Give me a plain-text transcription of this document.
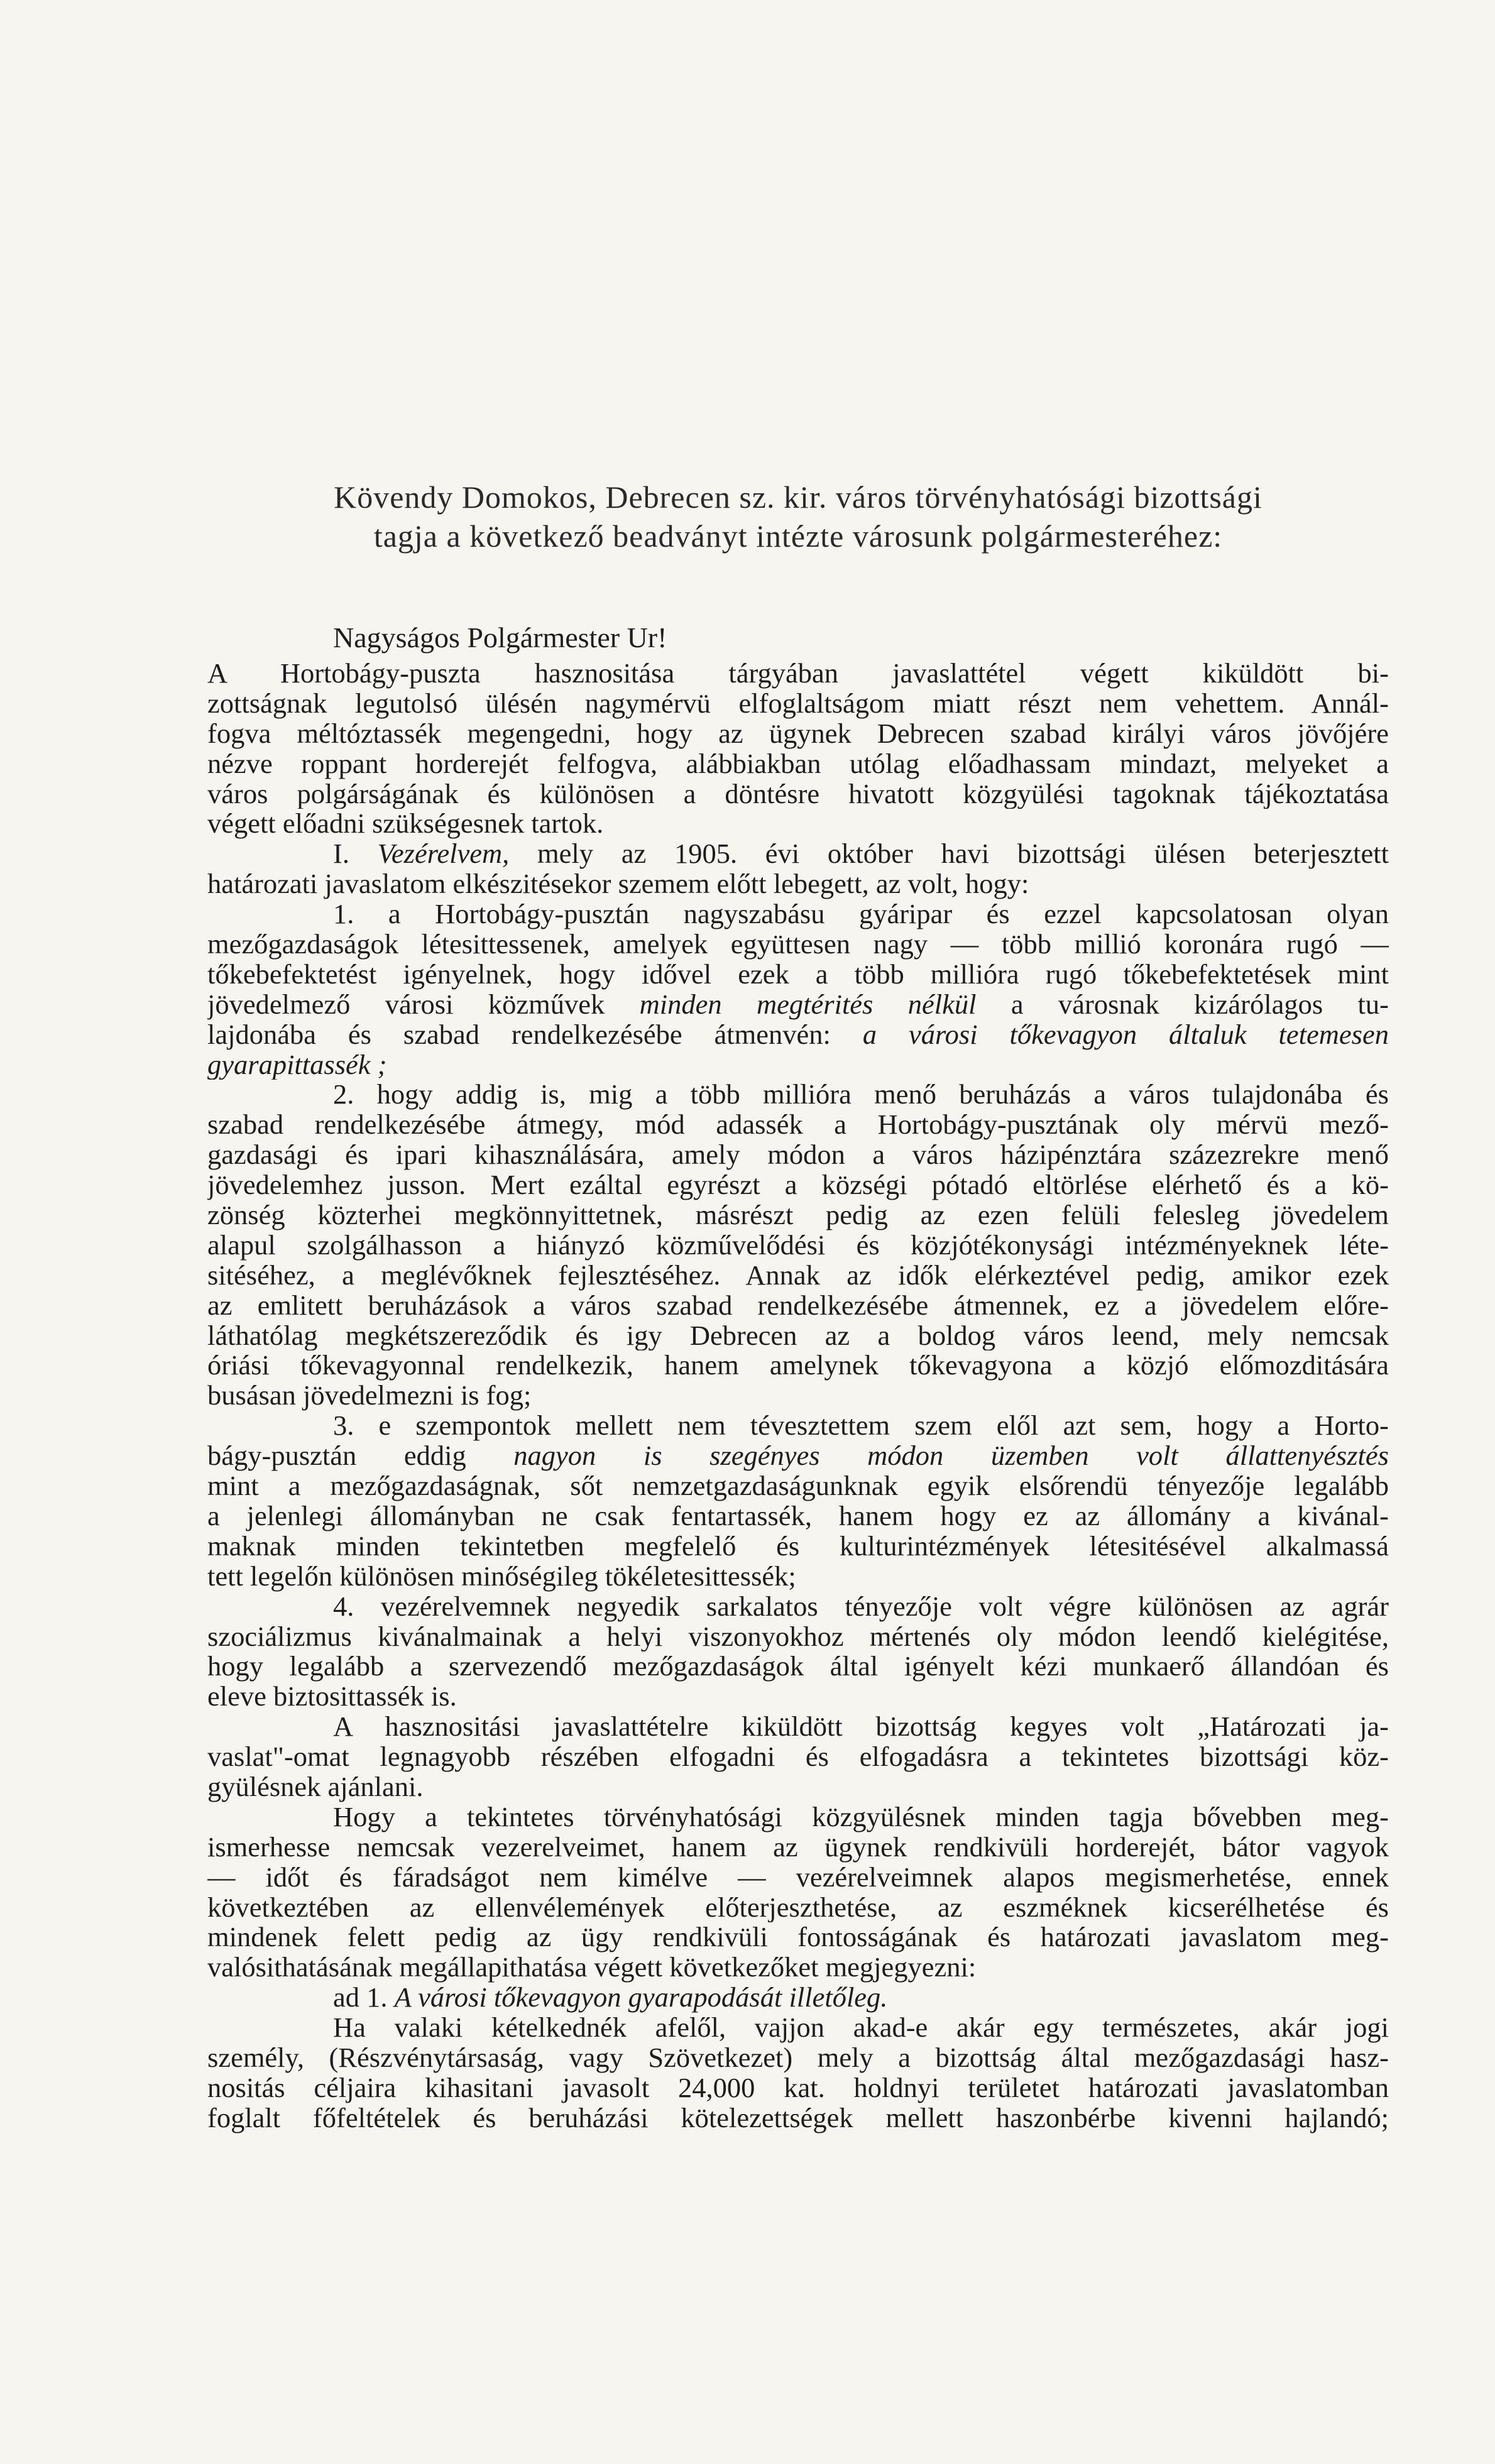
Kövendy Domokos, Debrecen sz. kir. város törvényhatósági bizottsági
tagja a következő beadványt intézte városunk polgármesteréhez:
Nagyságos Polgármester Ur!
A Hortobágy-puszta hasznositása tárgyában javaslattétel végett kiküldött bi-
zottságnak legutolsó ülésén nagymérvü elfoglaltságom miatt részt nem vehettem. Annál-
fogva méltóztassék megengedni, hogy az ügynek Debrecen szabad királyi város jövőjére
nézve roppant horderejét felfogva, alábbiakban utólag előadhassam mindazt, melyeket a
város polgárságának és különösen a döntésre hivatott közgyülési tagoknak tájékoztatása
végett előadni szükségesnek tartok.
I. Vezérelvem, mely az 1905. évi október havi bizottsági ülésen beterjesztett
határozati javaslatom elkészitésekor szemem előtt lebegett, az volt, hogy:
1. a Hortobágy-pusztán nagyszabásu gyáripar és ezzel kapcsolatosan olyan
mezőgazdaságok létesittessenek, amelyek együttesen nagy — több millió koronára rugó —
tőkebefektetést igényelnek, hogy idővel ezek a több millióra rugó tőkebefektetések mint
jövedelmező városi közművek minden megtérités nélkül a városnak kizárólagos tu-
lajdonába és szabad rendelkezésébe átmenvén: a városi tőkevagyon általuk tetemesen
gyarapittassék ;
2. hogy addig is, mig a több millióra menő beruházás a város tulajdonába és
szabad rendelkezésébe átmegy, mód adassék a Hortobágy-pusztának oly mérvü mező-
gazdasági és ipari kihasználására, amely módon a város házipénztára százezrekre menő
jövedelemhez jusson. Mert ezáltal egyrészt a községi pótadó eltörlése elérhető és a kö-
zönség közterhei megkönnyittetnek, másrészt pedig az ezen felüli felesleg jövedelem
alapul szolgálhasson a hiányzó közművelődési és közjótékonysági intézményeknek léte-
sitéséhez, a meglévőknek fejlesztéséhez. Annak az idők elérkeztével pedig, amikor ezek
az emlitett beruházások a város szabad rendelkezésébe átmennek, ez a jövedelem előre-
láthatólag megkétszereződik és igy Debrecen az a boldog város leend, mely nemcsak
óriási tőkevagyonnal rendelkezik, hanem amelynek tőkevagyona a közjó előmozditására
busásan jövedelmezni is fog;
3. e szempontok mellett nem tévesztettem szem elől azt sem, hogy a Horto-
bágy-pusztán eddig nagyon is szegényes módon üzemben volt állattenyésztés
mint a mezőgazdaságnak, sőt nemzetgazdaságunknak egyik elsőrendü tényezője legalább
a jelenlegi állományban ne csak fentartassék, hanem hogy ez az állomány a kivánal-
maknak minden tekintetben megfelelő és kulturintézmények létesitésével alkalmassá
tett legelőn különösen minőségileg tökéletesittessék;
4. vezérelvemnek negyedik sarkalatos tényezője volt végre különösen az agrár
szociálizmus kivánalmainak a helyi viszonyokhoz mértenés oly módon leendő kielégitése,
hogy legalább a szervezendő mezőgazdaságok által igényelt kézi munkaerő állandóan és
eleve biztosittassék is.
A hasznositási javaslattételre kiküldött bizottság kegyes volt „Határozati ja-
vaslat"-omat legnagyobb részében elfogadni és elfogadásra a tekintetes bizottsági köz-
gyülésnek ajánlani.
Hogy a tekintetes törvényhatósági közgyülésnek minden tagja bővebben meg-
ismerhesse nemcsak vezerelveimet, hanem az ügynek rendkivüli horderejét, bátor vagyok
— időt és fáradságot nem kimélve — vezérelveimnek alapos megismerhetése, ennek
következtében az ellenvélemények előterjeszthetése, az eszméknek kicserélhetése és
mindenek felett pedig az ügy rendkivüli fontosságának és határozati javaslatom meg-
valósithatásának megállapithatása végett következőket megjegyezni:
ad 1. A városi tőkevagyon gyarapodását illetőleg.
Ha valaki kételkednék afelől, vajjon akad-e akár egy természetes, akár jogi
személy, (Részvénytársaság, vagy Szövetkezet) mely a bizottság által mezőgazdasági hasz-
nositás céljaira kihasitani javasolt 24,000 kat. holdnyi területet határozati javaslatomban
foglalt főfeltételek és beruházási kötelezettségek mellett haszonbérbe kivenni hajlandó;
